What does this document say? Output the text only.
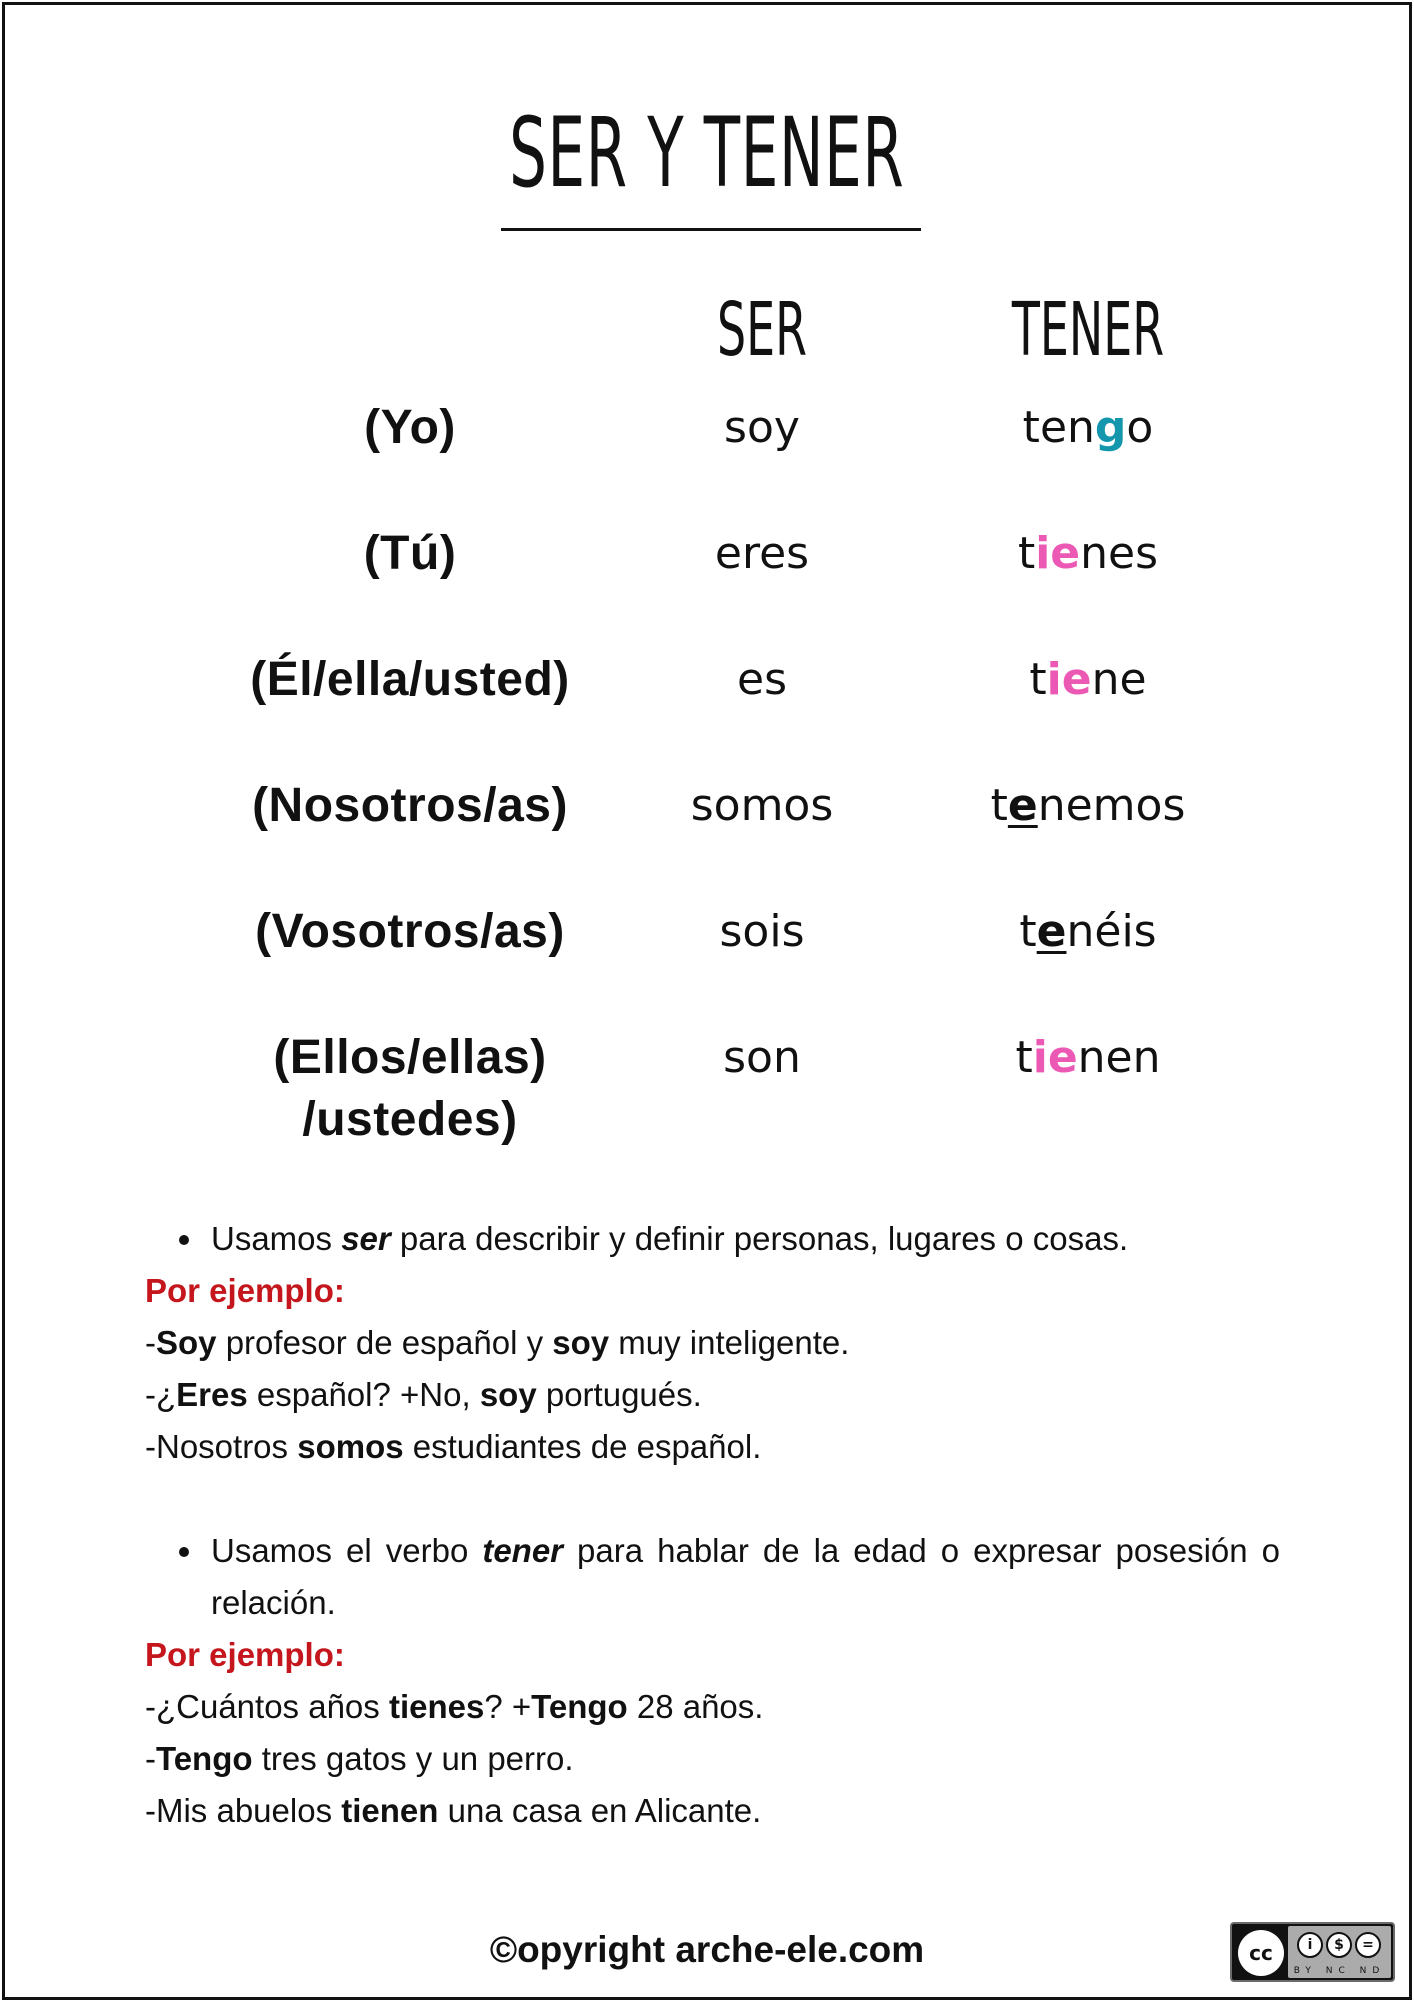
SER Y TENER
SER	TENER
(Yo)	soy	tengo
(Tú)	eres	tienes
(Él/ella/usted)	es	tiene
(Nosotros/as)	somos	tenemos
(Vosotros/as)	sois	tenéis
(Ellos/ellas)
/ustedes)
son	tienen
Usamos ser para describir y definir personas, lugares o cosas.
Por ejemplo:
-Soy profesor de español y soy muy inteligente.
-¿Eres español? +No, soy portugués.
-Nosotros somos estudiantes de español.
Usamos el verbo tener para hablar de la edad o expresar posesión o relación.
Por ejemplo:
-¿Cuántos años tienes? +Tengo 28 años.
-Tengo tres gatos y un perro.
-Mis abuelos tienen una casa en Alicante.
©opyright arche-ele.com	cc	i	$	=
BY NC ND
